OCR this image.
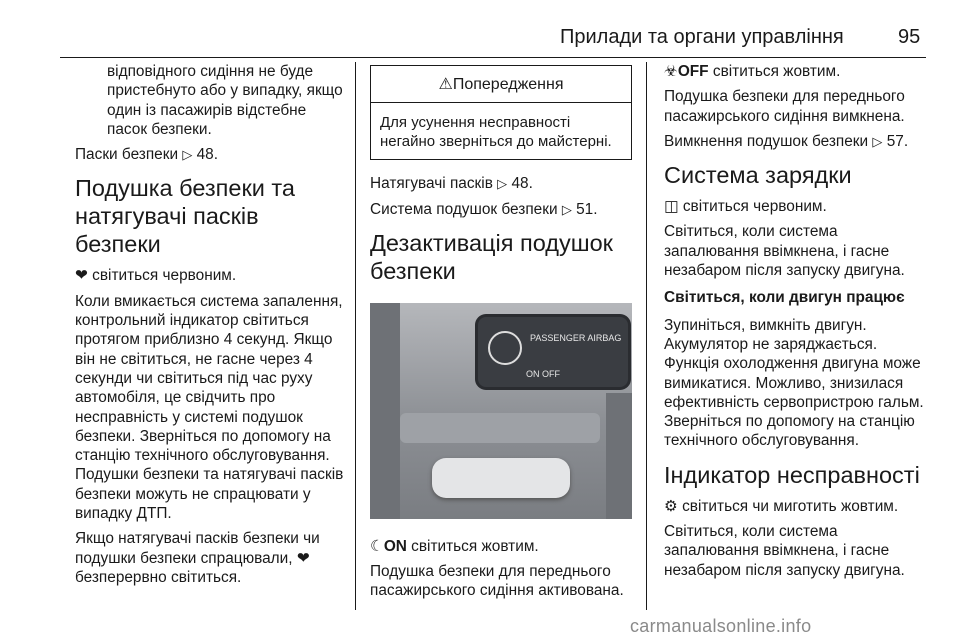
Прилади та органи управління	95

відповідного сидіння не буде пристебнуто або у випадку, якщо один із пасажирів відстебне пасок безпеки.

Паски безпеки ▷ 48.

Подушка безпеки та натягувачі пасків безпеки

❤ світиться червоним.

Коли вмикається система запалення, контрольний індикатор світиться протягом приблизно 4 секунд. Якщо він не світиться, не гасне через 4 секунди чи світиться під час руху автомобіля, це свідчить про несправність у системі подушок безпеки. Зверніться по допомогу на станцію технічного обслуговування. Подушки безпеки та натягувачі пасків безпеки можуть не спрацювати у випадку ДТП.

Якщо натягувачі пасків безпеки чи подушки безпеки спрацювали, ❤ безперервно світиться.

⚠Попередження
Для усунення несправності негайно зверніться до майстерні.

Натягувачі пасків ▷ 48.

Система подушок безпеки ▷ 51.

Дезактивація подушок безпеки
PASSENGER AIRBAG
ON OFF

☾ON світиться жовтим.

Подушка безпеки для переднього пасажирського сидіння активована.

☣OFF світиться жовтим.

Подушка безпеки для переднього пасажирського сидіння вимкнена.

Вимкнення подушок безпеки ▷ 57.

Система зарядки

◫ світиться червоним.

Світиться, коли система запалювання ввімкнена, і гасне незабаром після запуску двигуна.

Світиться, коли двигун працює

Зупиніться, вимкніть двигун. Акумулятор не заряджається. Функція охолодження двигуна може вимикатися. Можливо, знизилася ефективність сервопристрою гальм. Зверніться по допомогу на станцію технічного обслуговування.

Індикатор несправності

⚙ світиться чи миготить жовтим.

Світиться, коли система запалювання ввімкнена, і гасне незабаром після запуску двигуна.

carmanualsonline.info
